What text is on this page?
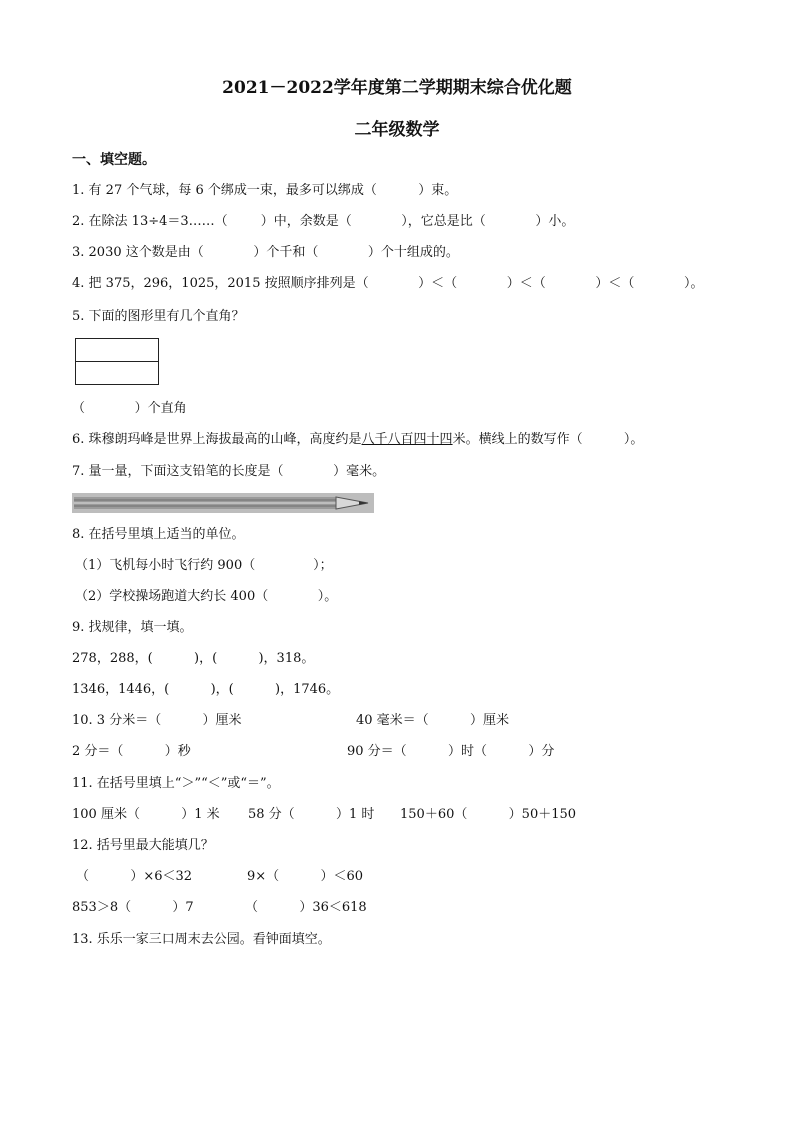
2021－2022学年度第二学期期末综合优化题
二年级数学
一、填空题。
1. 有 27 个气球，每 6 个绑成一束，最多可以绑成（          ）束。
2. 在除法 13÷4＝3……（        ）中，余数是（            ），它总是比（            ）小。
3. 2030 这个数是由（            ）个千和（            ）个十组成的。
4. 把 375，296，1025，2015 按照顺序排列是（            ）＜（            ）＜（            ）＜（            ）。
5. 下面的图形里有几个直角？
（            ）个直角
6. 珠穆朗玛峰是世界上海拔最高的山峰，高度约是八千八百四十四米。横线上的数写作（          ）。
7. 量一量，下面这支铅笔的长度是（            ）毫米。
8. 在括号里填上适当的单位。
（1）飞机每小时飞行约 900（              ）；
（2）学校操场跑道大约长 400（            ）。
9. 找规律，填一填。
278，288，(          )，(          )，318。
1346，1446，(          )，(          )，1746。
10. 3 分米＝（          ）厘米	40 毫米＝（          ）厘米
2 分＝（          ）秒	90 分＝（          ）时（          ）分
11. 在括号里填上“＞”“＜”或“＝”。
100 厘米（          ）1 米 58 分（          ）1 时 150＋60（          ）50＋150
12. 括号里最大能填几？
（          ）×6＜32	9×（          ）＜60
853＞8（          ）7	（          ）36＜618
13. 乐乐一家三口周末去公园。看钟面填空。
